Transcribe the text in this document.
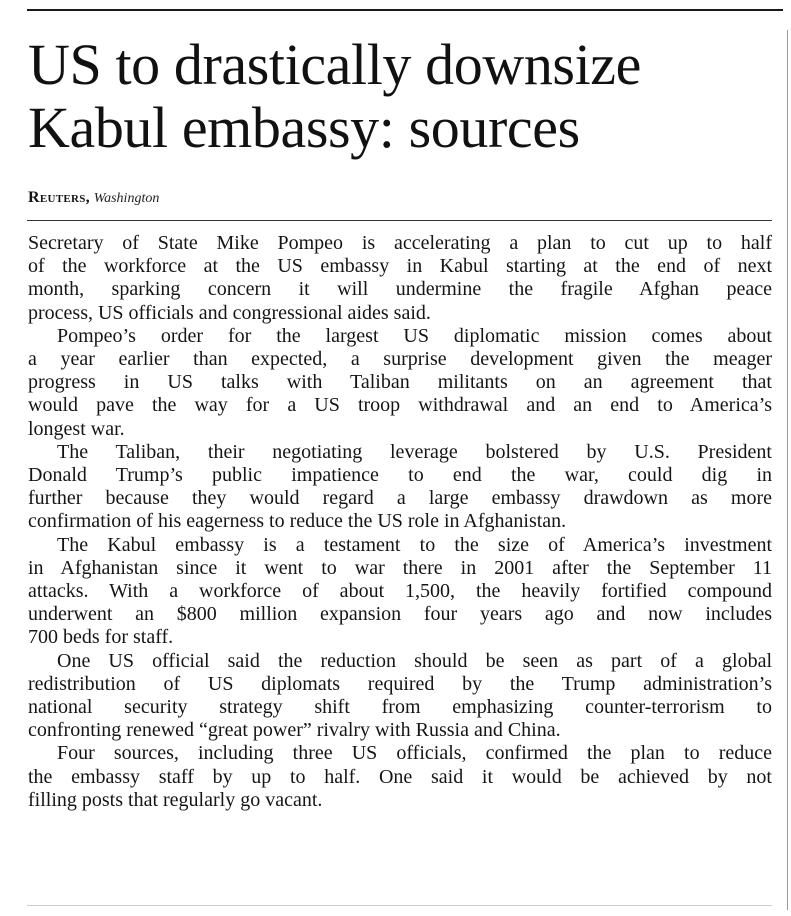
US to drastically downsize
Kabul embassy: sources
Reuters, Washington

Secretary of State Mike Pompeo is accelerating a plan to cut up to half
of the workforce at the US embassy in Kabul starting at the end of next
month, sparking concern it will undermine the fragile Afghan peace
process, US officials and congressional aides said.

Pompeo’s order for the largest US diplomatic mission comes about
a year earlier than expected, a surprise development given the meager
progress in US talks with Taliban militants on an agreement that
would pave the way for a US troop withdrawal and an end to America’s
longest war.

The Taliban, their negotiating leverage bolstered by U.S. President
Donald Trump’s public impatience to end the war, could dig in
further because they would regard a large embassy drawdown as more
confirmation of his eagerness to reduce the US role in Afghanistan.

The Kabul embassy is a testament to the size of America’s investment
in Afghanistan since it went to war there in 2001 after the September 11
attacks. With a workforce of about 1,500, the heavily fortified compound
underwent an $800 million expansion four years ago and now includes
700 beds for staff.

One US official said the reduction should be seen as part of a global
redistribution of US diplomats required by the Trump administration’s
national security strategy shift from emphasizing counter-terrorism to
confronting renewed “great power” rivalry with Russia and China.

Four sources, including three US officials, confirmed the plan to reduce
the embassy staff by up to half. One said it would be achieved by not
filling posts that regularly go vacant.
